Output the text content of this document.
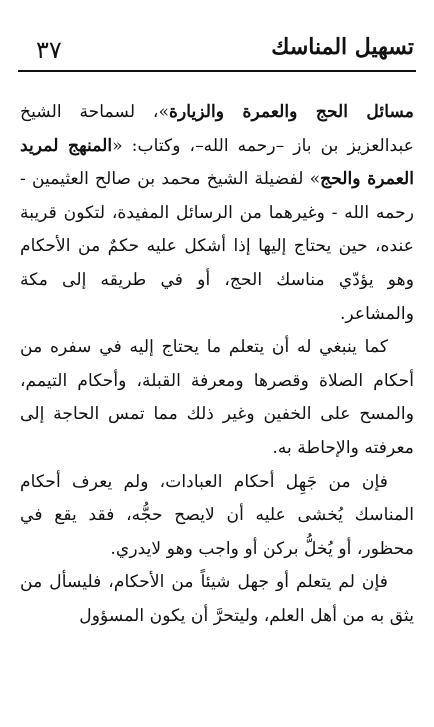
٣٧	تسهيل المناسك

مسائل الحج والعمرة والزيارة»، لسماحة الشيخ عبدالعزيز بن باز –رحمه الله–، وكتاب: «المنهج لمريد العمرة والحج» لفضيلة الشيخ محمد بن صالح العثيمين - رحمه الله - وغيرهما من الرسائل المفيدة، لتكون قريبة عنده، حين يحتاج إليها إذا أشكل عليه حكمٌ من الأحكام وهو يؤدّي مناسك الحج، أو في طريقه إلى مكة والمشاعر.

كما ينبغي له أن يتعلم ما يحتاج إليه في سفره من أحكام الصلاة وقصرها ومعرفة القبلة، وأحكام التيمم، والمسح على الخفين وغير ذلك مما تمس الحاجة إلى معرفته والإحاطة به.

فإن من جَهِل أحكام العبادات، ولم يعرف أحكام المناسك يُخشى عليه أن لايصح حجُّه، فقد يقع في محظور، أو يُخلُّ بركن أو واجب وهو لايدري.

فإن لم يتعلم أو جهل شيئاً من الأحكام، فليسأل من يثق به من أهل العلم، وليتحرَّ أن يكون المسؤول
